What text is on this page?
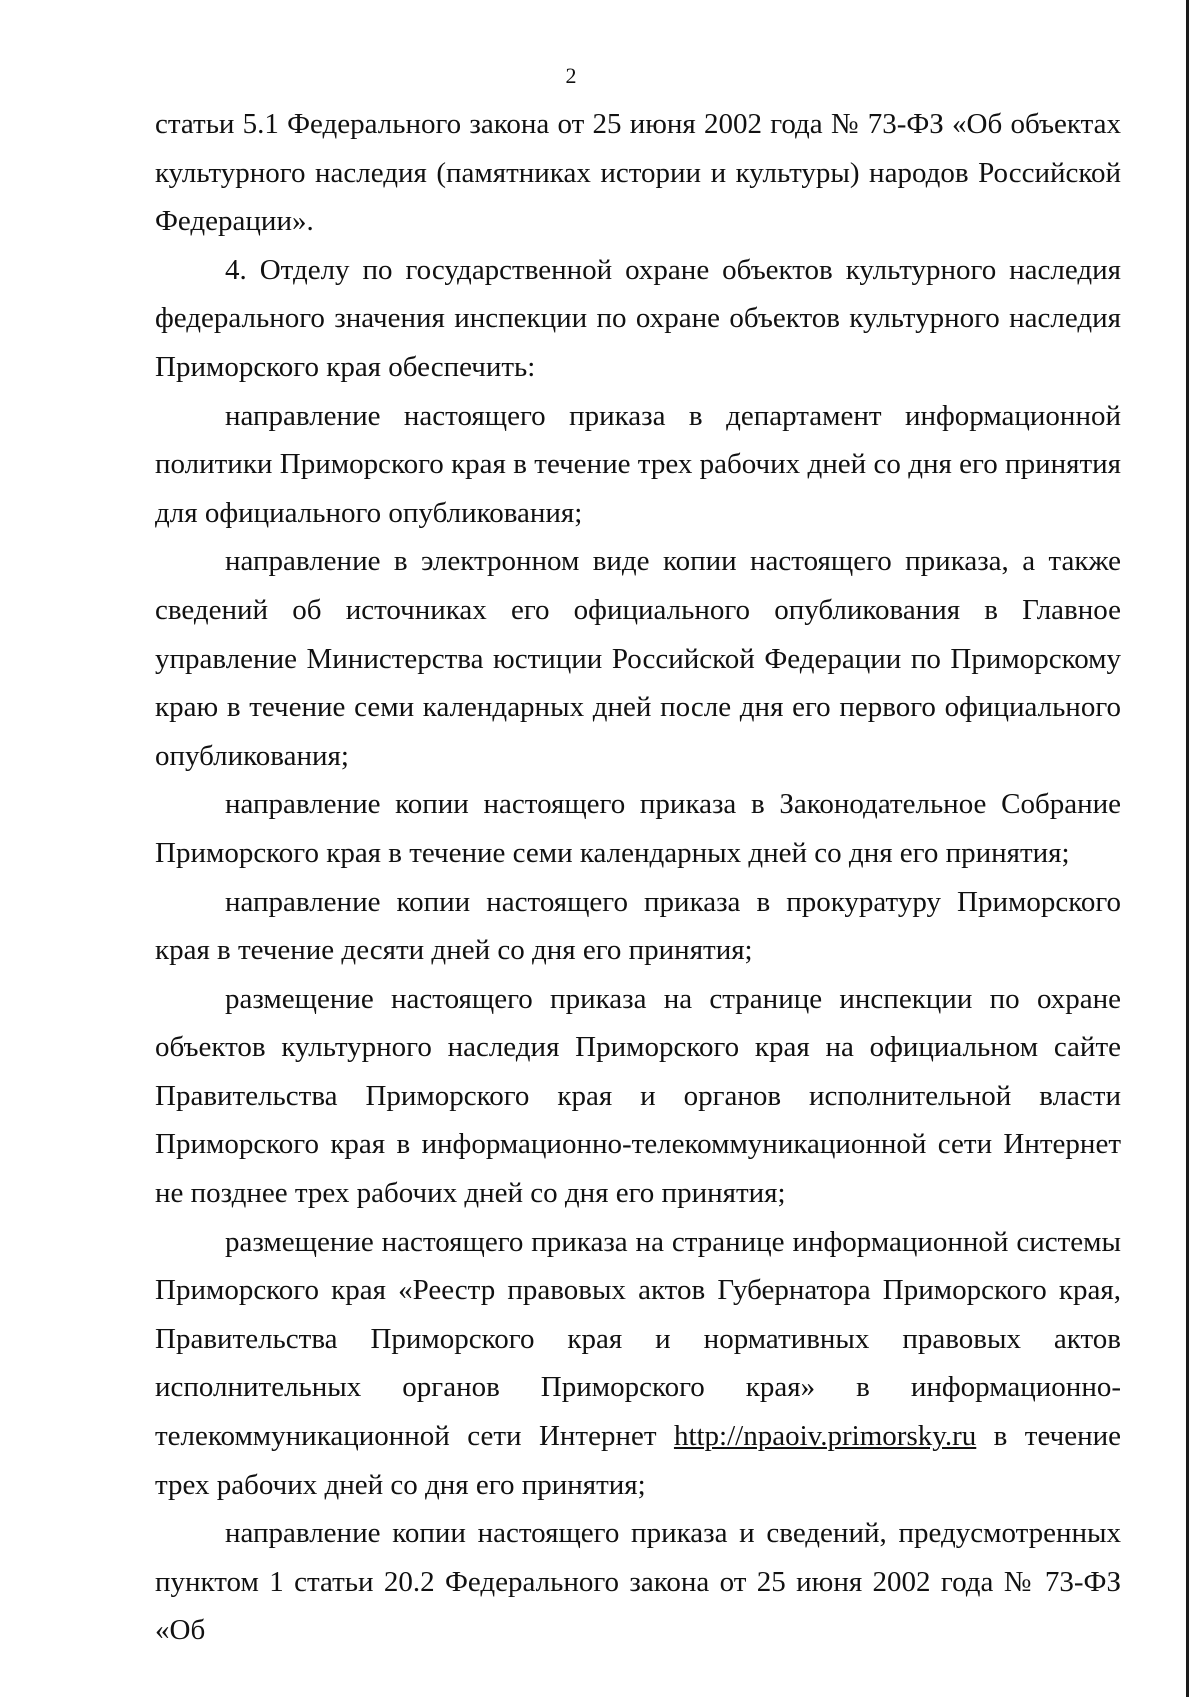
2

статьи 5.1 Федерального закона от 25 июня 2002 года № 73-ФЗ «Об объектах культурного наследия (памятниках истории и культуры) народов Российской Федерации».

4. Отделу по государственной охране объектов культурного наследия федерального значения инспекции по охране объектов культурного наследия Приморского края обеспечить:

направление настоящего приказа в департамент информационной политики Приморского края в течение трех рабочих дней со дня его принятия для официального опубликования;

направление в электронном виде копии настоящего приказа, а также сведений об источниках его официального опубликования в Главное управление Министерства юстиции Российской Федерации по Приморскому краю в течение семи календарных дней после дня его первого официального опубликования;

направление копии настоящего приказа в Законодательное Собрание Приморского края в течение семи календарных дней со дня его принятия;

направление копии настоящего приказа в прокуратуру Приморского края в течение десяти дней со дня его принятия;

размещение настоящего приказа на странице инспекции по охране объектов культурного наследия Приморского края на официальном сайте Правительства Приморского края и органов исполнительной власти Приморского края в информационно-телекоммуникационной сети Интернет не позднее трех рабочих дней со дня его принятия;

размещение настоящего приказа на странице информационной системы Приморского края «Реестр правовых актов Губернатора Приморского края, Правительства Приморского края и нормативных правовых актов исполнительных органов Приморского края» в информационно-телекоммуникационной сети Интернет http://npaoiv.primorsky.ru в течение трех рабочих дней со дня его принятия;

направление копии настоящего приказа и сведений, предусмотренных пунктом 1 статьи 20.2 Федерального закона от 25 июня 2002 года № 73-ФЗ «Об
